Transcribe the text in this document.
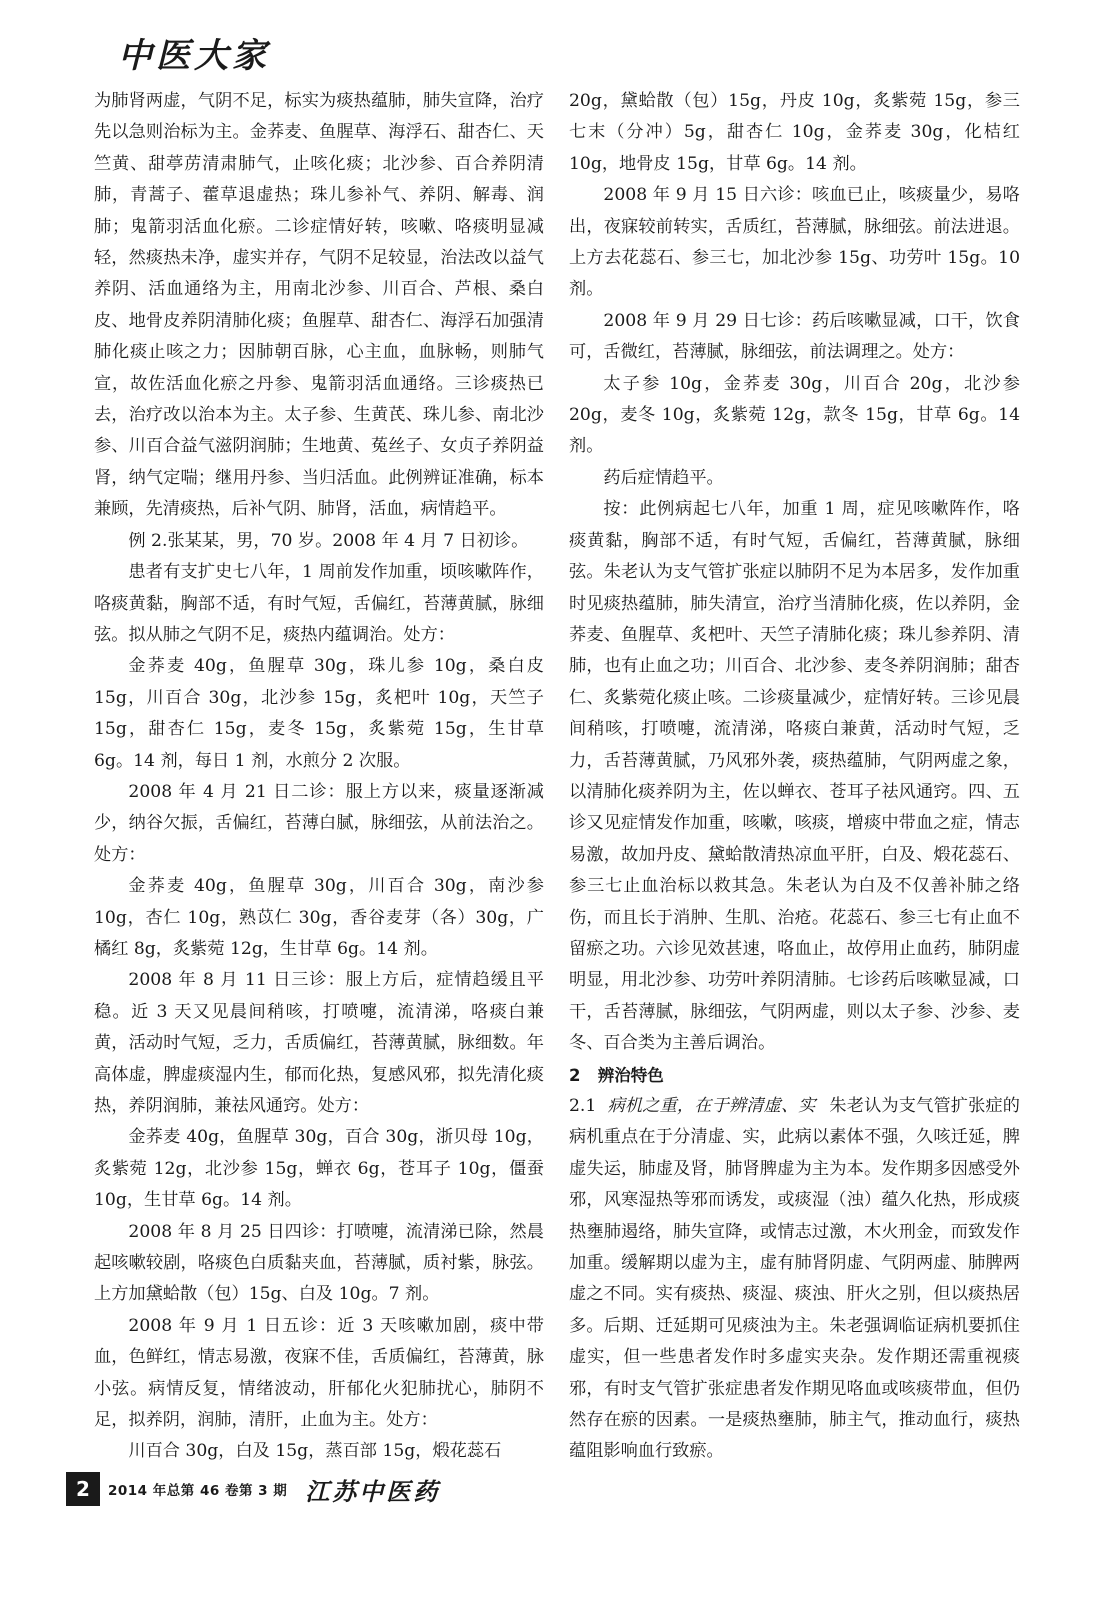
中医大家

为肺肾两虚，气阴不足，标实为痰热蕴肺，肺失宣降，治疗先以急则治标为主。金荞麦、鱼腥草、海浮石、甜杏仁、天竺黄、甜葶苈清肃肺气，止咳化痰；北沙参、百合养阴清肺，青蒿子、藿草退虚热；珠儿参补气、养阴、解毒、润肺；鬼箭羽活血化瘀。二诊症情好转，咳嗽、咯痰明显减轻，然痰热未净，虚实并存，气阴不足较显，治法改以益气养阴、活血通络为主，用南北沙参、川百合、芦根、桑白皮、地骨皮养阴清肺化痰；鱼腥草、甜杏仁、海浮石加强清肺化痰止咳之力；因肺朝百脉，心主血，血脉畅，则肺气宣，故佐活血化瘀之丹参、鬼箭羽活血通络。三诊痰热已去，治疗改以治本为主。太子参、生黄芪、珠儿参、南北沙参、川百合益气滋阴润肺；生地黄、菟丝子、女贞子养阴益肾，纳气定喘；继用丹参、当归活血。此例辨证准确，标本兼顾，先清痰热，后补气阴、肺肾，活血，病情趋平。

例 2.张某某，男，70 岁。2008 年 4 月 7 日初诊。

患者有支扩史七八年，1 周前发作加重，顷咳嗽阵作，咯痰黄黏，胸部不适，有时气短，舌偏红，苔薄黄腻，脉细弦。拟从肺之气阴不足，痰热内蕴调治。处方：

金荞麦 40g，鱼腥草 30g，珠儿参 10g，桑白皮 15g，川百合 30g，北沙参 15g，炙杷叶 10g，天竺子 15g，甜杏仁 15g，麦冬 15g，炙紫菀 15g，生甘草 6g。14 剂，每日 1 剂，水煎分 2 次服。

2008 年 4 月 21 日二诊：服上方以来，痰量逐渐减少，纳谷欠振，舌偏红，苔薄白腻，脉细弦，从前法治之。处方：

金荞麦 40g，鱼腥草 30g，川百合 30g，南沙参 10g，杏仁 10g，熟苡仁 30g，香谷麦芽（各）30g，广橘红 8g，炙紫菀 12g，生甘草 6g。14 剂。

2008 年 8 月 11 日三诊：服上方后，症情趋缓且平稳。近 3 天又见晨间稍咳，打喷嚏，流清涕，咯痰白兼黄，活动时气短，乏力，舌质偏红，苔薄黄腻，脉细数。年高体虚，脾虚痰湿内生，郁而化热，复感风邪，拟先清化痰热，养阴润肺，兼祛风通窍。处方：

金荞麦 40g，鱼腥草 30g，百合 30g，浙贝母 10g，炙紫菀 12g，北沙参 15g，蝉衣 6g，苍耳子 10g，僵蚕 10g，生甘草 6g。14 剂。

2008 年 8 月 25 日四诊：打喷嚏，流清涕已除，然晨起咳嗽较剧，咯痰色白质黏夹血，苔薄腻，质衬紫，脉弦。上方加黛蛤散（包）15g、白及 10g。7 剂。

2008 年 9 月 1 日五诊：近 3 天咳嗽加剧，痰中带血，色鲜红，情志易激，夜寐不佳，舌质偏红，苔薄黄，脉小弦。病情反复，情绪波动，肝郁化火犯肺扰心，肺阴不足，拟养阴，润肺，清肝，止血为主。处方：

川百合 30g，白及 15g，蒸百部 15g，煅花蕊石

20g，黛蛤散（包）15g，丹皮 10g，炙紫菀 15g，参三七末（分冲）5g，甜杏仁 10g，金荞麦 30g，化桔红 10g，地骨皮 15g，甘草 6g。14 剂。

2008 年 9 月 15 日六诊：咳血已止，咳痰量少，易咯出，夜寐较前转实，舌质红，苔薄腻，脉细弦。前法进退。上方去花蕊石、参三七，加北沙参 15g、功劳叶 15g。10 剂。

2008 年 9 月 29 日七诊：药后咳嗽显减，口干，饮食可，舌微红，苔薄腻，脉细弦，前法调理之。处方：

太子参 10g，金荞麦 30g，川百合 20g，北沙参 20g，麦冬 10g，炙紫菀 12g，款冬 15g，甘草 6g。14 剂。

药后症情趋平。

按：此例病起七八年，加重 1 周，症见咳嗽阵作，咯痰黄黏，胸部不适，有时气短，舌偏红，苔薄黄腻，脉细弦。朱老认为支气管扩张症以肺阴不足为本居多，发作加重时见痰热蕴肺，肺失清宣，治疗当清肺化痰，佐以养阴，金荞麦、鱼腥草、炙杷叶、天竺子清肺化痰；珠儿参养阴、清肺，也有止血之功；川百合、北沙参、麦冬养阴润肺；甜杏仁、炙紫菀化痰止咳。二诊痰量减少，症情好转。三诊见晨间稍咳，打喷嚏，流清涕，咯痰白兼黄，活动时气短，乏力，舌苔薄黄腻，乃风邪外袭，痰热蕴肺，气阴两虚之象，以清肺化痰养阴为主，佐以蝉衣、苍耳子祛风通窍。四、五诊又见症情发作加重，咳嗽，咳痰，增痰中带血之症，情志易激，故加丹皮、黛蛤散清热凉血平肝，白及、煅花蕊石、参三七止血治标以救其急。朱老认为白及不仅善补肺之络伤，而且长于消肿、生肌、治疮。花蕊石、参三七有止血不留瘀之功。六诊见效甚速，咯血止，故停用止血药，肺阴虚明显，用北沙参、功劳叶养阴清肺。七诊药后咳嗽显减，口干，舌苔薄腻，脉细弦，气阴两虚，则以太子参、沙参、麦冬、百合类为主善后调治。

2 辨治特色

2.1 病机之重，在于辨清虚、实 朱老认为支气管扩张症的病机重点在于分清虚、实，此病以素体不强，久咳迁延，脾虚失运，肺虚及肾，肺肾脾虚为主为本。发作期多因感受外邪，风寒湿热等邪而诱发，或痰湿（浊）蕴久化热，形成痰热壅肺遏络，肺失宣降，或情志过激，木火刑金，而致发作加重。缓解期以虚为主，虚有肺肾阴虚、气阴两虚、肺脾两虚之不同。实有痰热、痰湿、痰浊、肝火之别，但以痰热居多。后期、迁延期可见痰浊为主。朱老强调临证病机要抓住虚实，但一些患者发作时多虚实夹杂。发作期还需重视痰邪，有时支气管扩张症患者发作期见咯血或咳痰带血，但仍然存在瘀的因素。一是痰热壅肺，肺主气，推动血行，痰热蕴阻影响血行致瘀。

2	2014 年总第 46 卷第 3 期 江苏中医药
